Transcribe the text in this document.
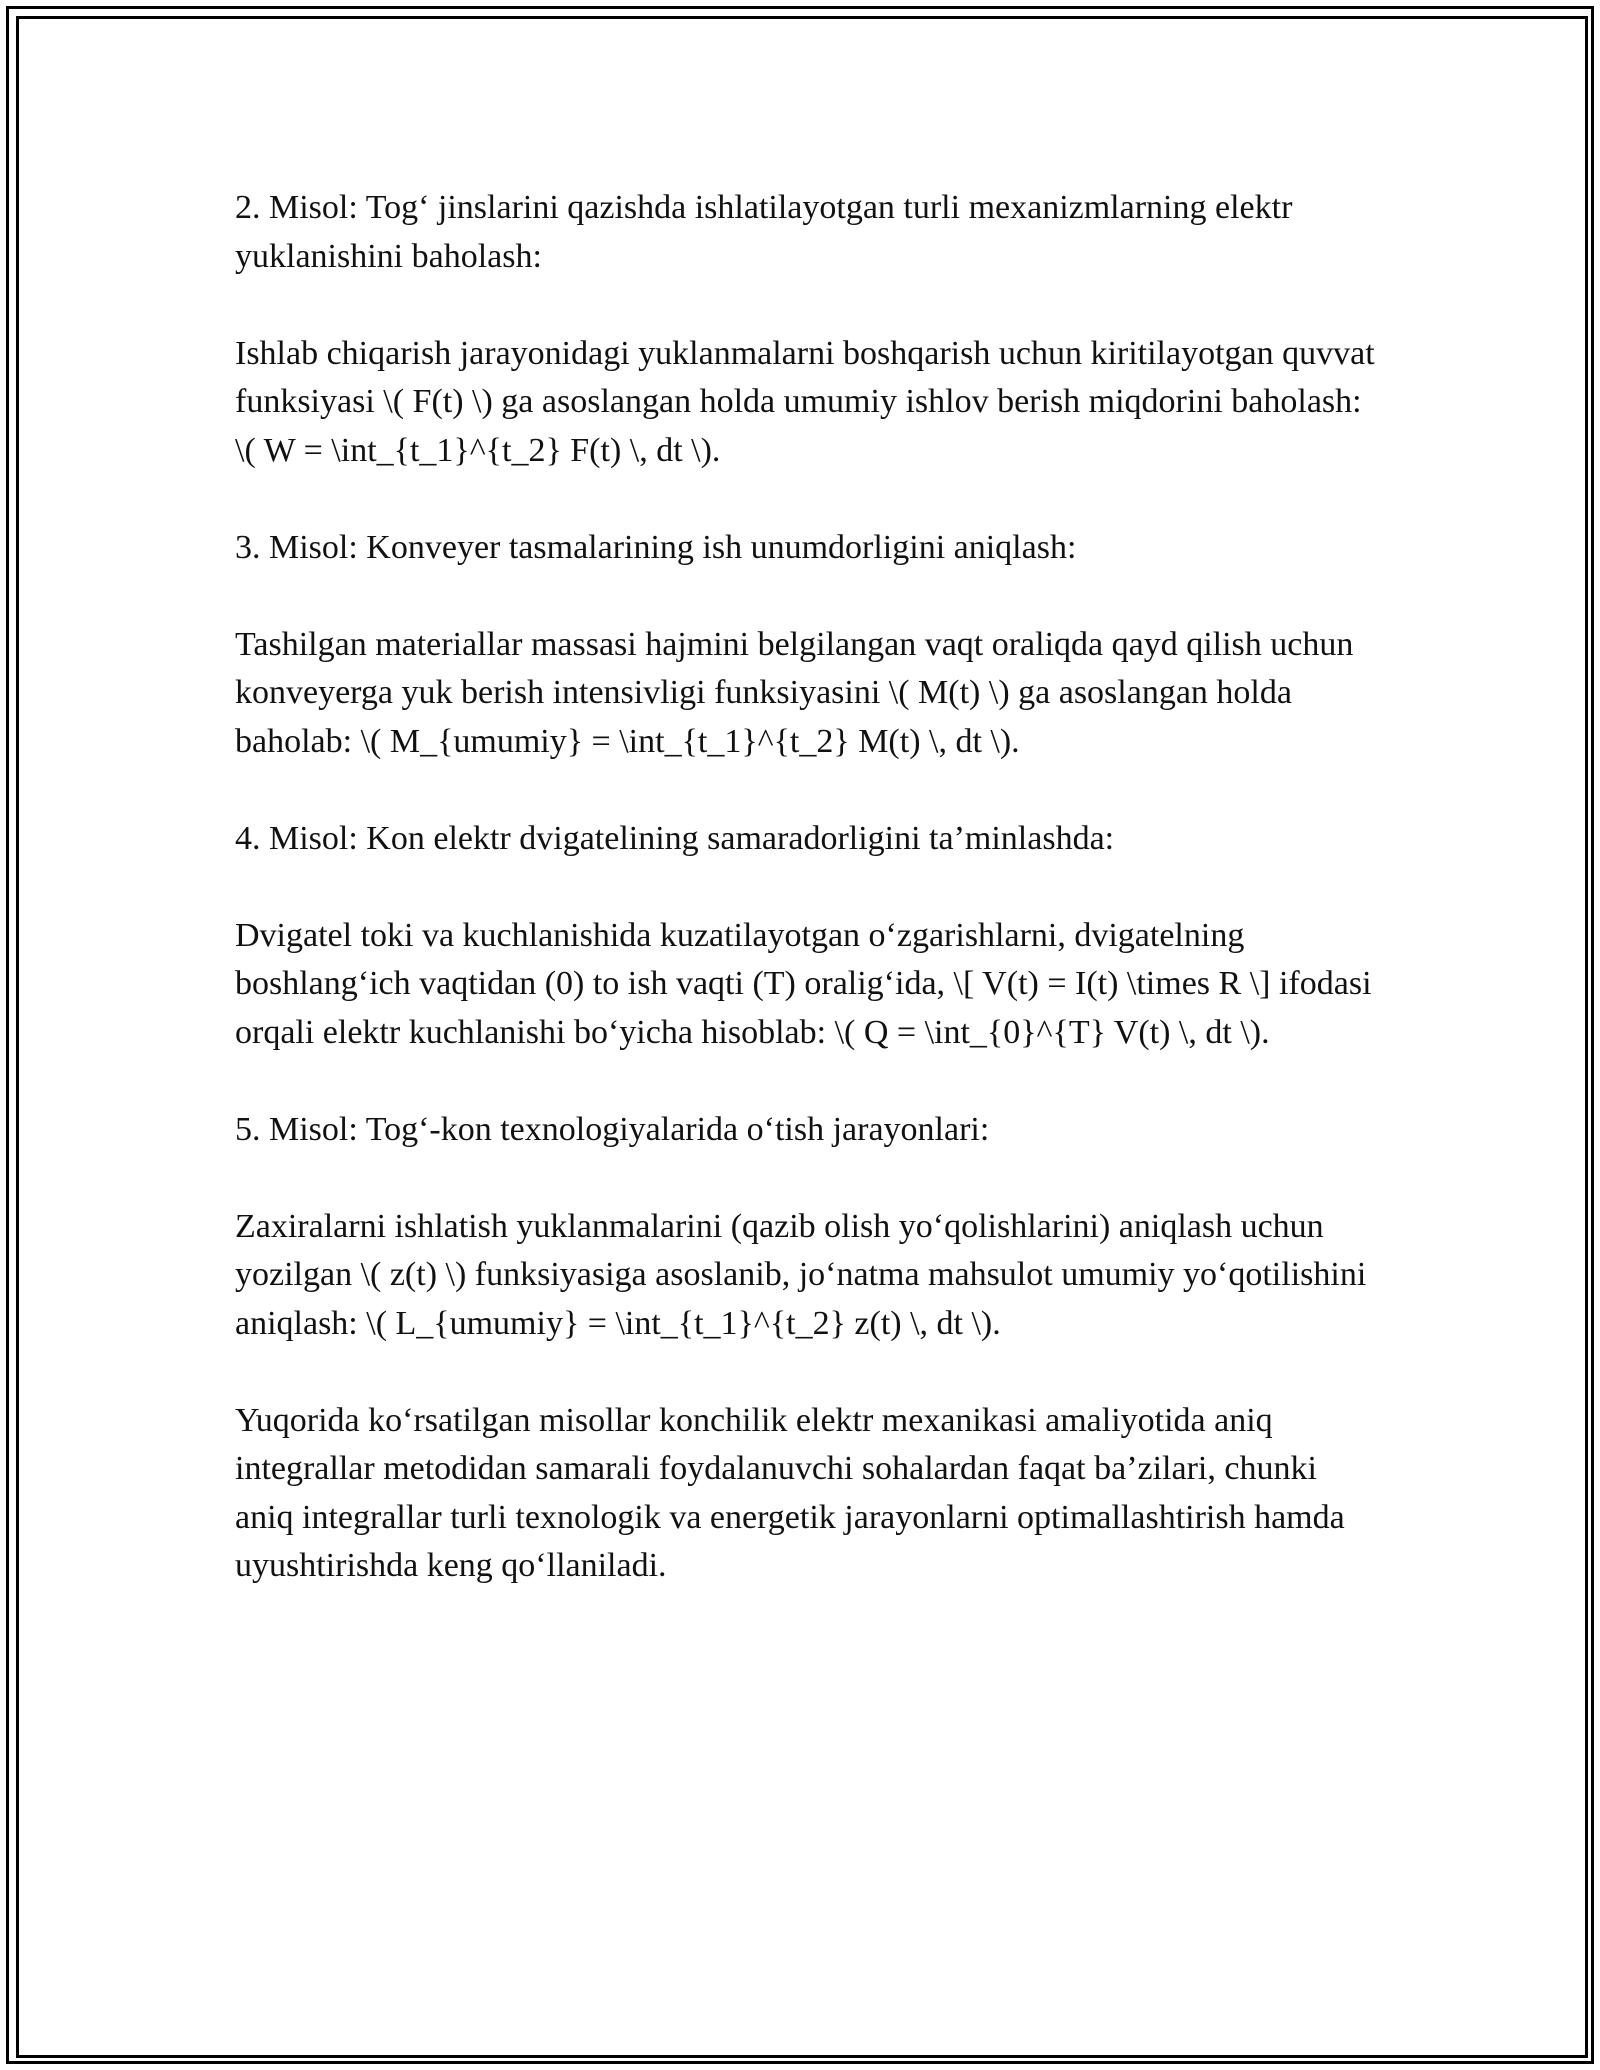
2. Misol: Tog‘ jinslarini qazishda ishlatilayotgan turli mexanizmlarning elektr yuklanishini baholash:

Ishlab chiqarish jarayonidagi yuklanmalarni boshqarish uchun kiritilayotgan quvvat funksiyasi \( F(t) \) ga asoslangan holda umumiy ishlov berish miqdorini baholash: \( W = \int_{t_1}^{t_2} F(t) \, dt \).

3. Misol: Konveyer tasmalarining ish unumdorligini aniqlash:

Tashilgan materiallar massasi hajmini belgilangan vaqt oraliqda qayd qilish uchun konveyerga yuk berish intensivligi funksiyasini \( M(t) \) ga asoslangan holda baholab: \( M_{umumiy} = \int_{t_1}^{t_2} M(t) \, dt \).

4. Misol: Kon elektr dvigatelining samaradorligini ta’minlashda:

Dvigatel toki va kuchlanishida kuzatilayotgan o‘zgarishlarni, dvigatelning boshlang‘ich vaqtidan (0) to ish vaqti (T) oralig‘ida, \[ V(t) = I(t) \times R \] ifodasi orqali elektr kuchlanishi bo‘yicha hisoblab: \( Q = \int_{0}^{T} V(t) \, dt \).

5. Misol: Tog‘-kon texnologiyalarida o‘tish jarayonlari:

Zaxiralarni ishlatish yuklanmalarini (qazib olish yo‘qolishlarini) aniqlash uchun yozilgan \( z(t) \) funksiyasiga asoslanib, jo‘natma mahsulot umumiy yo‘qotilishini aniqlash: \( L_{umumiy} = \int_{t_1}^{t_2} z(t) \, dt \).

Yuqorida ko‘rsatilgan misollar konchilik elektr mexanikasi amaliyotida aniq integrallar metodidan samarali foydalanuvchi sohalardan faqat ba’zilari, chunki aniq integrallar turli texnologik va energetik jarayonlarni optimallashtirish hamda uyushtirishda keng qo‘llaniladi.
